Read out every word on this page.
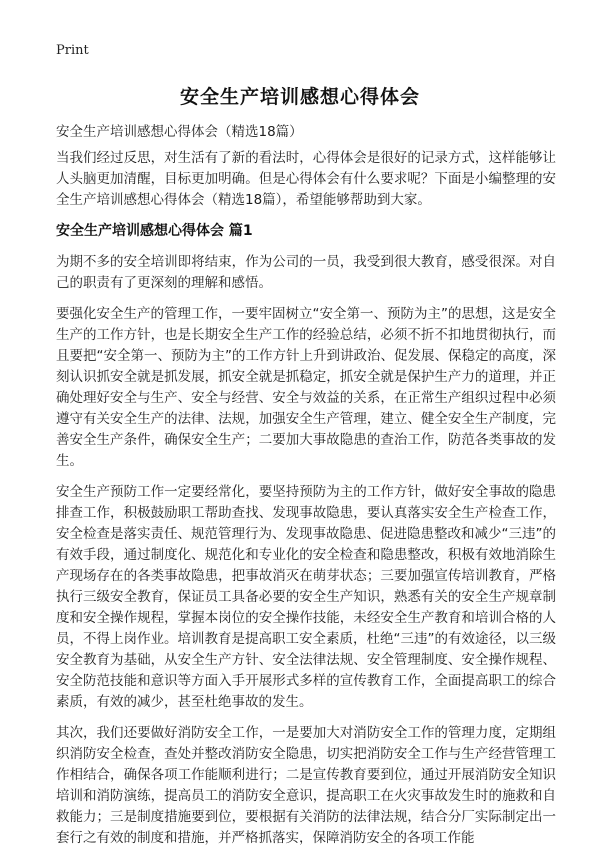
Print
安全生产培训感想心得体会
安全生产培训感想心得体会（精选18篇）

当我们经过反思，对生活有了新的看法时，心得体会是很好的记录方式，这样能够让人头脑更加清醒，目标更加明确。但是心得体会有什么要求呢？下面是小编整理的安全生产培训感想心得体会（精选18篇），希望能够帮助到大家。

安全生产培训感想心得体会 篇1

为期不多的安全培训即将结束，作为公司的一员，我受到很大教育，感受很深。对自己的职责有了更深刻的理解和感悟。

要强化安全生产的管理工作，一要牢固树立“安全第一、预防为主”的思想，这是安全生产的工作方针，也是长期安全生产工作的经验总结，必须不折不扣地贯彻执行，而且要把“安全第一、预防为主”的工作方针上升到讲政治、促发展、保稳定的高度，深刻认识抓安全就是抓发展，抓安全就是抓稳定，抓安全就是保护生产力的道理，并正确处理好安全与生产、安全与经营、安全与效益的关系，在正常生产组织过程中必须遵守有关安全生产的法律、法规，加强安全生产管理，建立、健全安全生产制度，完善安全生产条件，确保安全生产；二要加大事故隐患的查治工作，防范各类事故的发生。

安全生产预防工作一定要经常化，要坚持预防为主的工作方针，做好安全事故的隐患排查工作，积极鼓励职工帮助查找、发现事故隐患，要认真落实安全生产检查工作，安全检查是落实责任、规范管理行为、发现事故隐患、促进隐患整改和减少“三违”的有效手段，通过制度化、规范化和专业化的安全检查和隐患整改，积极有效地消除生产现场存在的各类事故隐患，把事故消灭在萌芽状态；三要加强宣传培训教育，严格执行三级安全教育，保证员工具备必要的安全生产知识，熟悉有关的安全生产规章制度和安全操作规程，掌握本岗位的安全操作技能，未经安全生产教育和培训合格的人员，不得上岗作业。培训教育是提高职工安全素质，杜绝“三违”的有效途径，以三级安全教育为基础，从安全生产方针、安全法律法规、安全管理制度、安全操作规程、安全防范技能和意识等方面入手开展形式多样的宣传教育工作，全面提高职工的综合素质，有效的减少，甚至杜绝事故的发生。

其次，我们还要做好消防安全工作，一是要加大对消防安全工作的管理力度，定期组织消防安全检查，查处并整改消防安全隐患，切实把消防安全工作与生产经营管理工作相结合，确保各项工作能顺利进行；二是宣传教育要到位，通过开展消防安全知识培训和消防演练，提高员工的消防安全意识，提高职工在火灾事故发生时的施救和自救能力；三是制度措施要到位，要根据有关消防的法律法规，结合分厂实际制定出一套行之有效的制度和措施，并严格抓落实，保障消防安全的各项工作能
